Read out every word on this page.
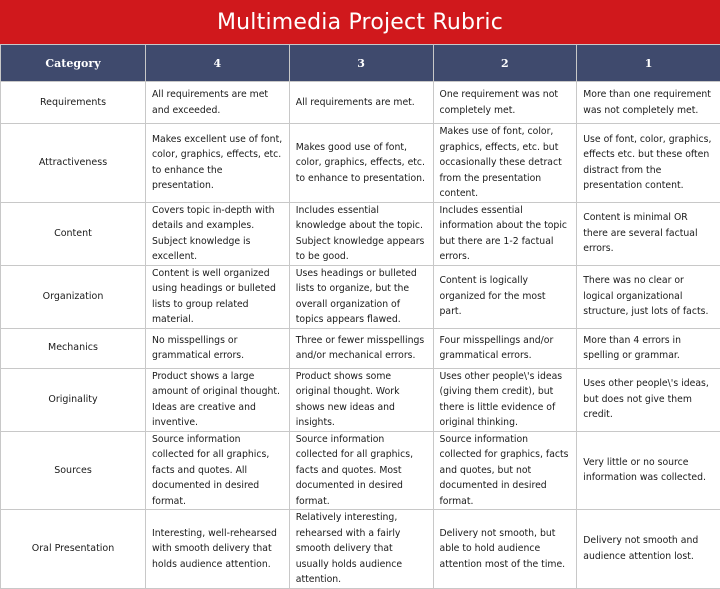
Multimedia Project Rubric
Category	4	3	2	1
Requirements	All requirements are met and exceeded.	All requirements are met.	One requirement was not completely met.	More than one requirement was not completely met.
Attractiveness	Makes excellent use of font, color, graphics, effects, etc. to enhance the presentation.	Makes good use of font, color, graphics, effects, etc. to enhance to presentation.	Makes use of font, color, graphics, effects, etc. but occasionally these detract from the presentation content.	Use of font, color, graphics, effects etc. but these often distract from the presentation content.
Content	Covers topic in-depth with details and examples. Subject knowledge is excellent.	Includes essential knowledge about the topic. Subject knowledge appears to be good.	Includes essential information about the topic but there are 1-2 factual errors.	Content is minimal OR there are several factual errors.
Organization	Content is well organized using headings or bulleted lists to group related material.	Uses headings or bulleted lists to organize, but the overall organization of topics appears flawed.	Content is logically organized for the most part.	There was no clear or logical organizational structure, just lots of facts.
Mechanics	No misspellings or grammatical errors.	Three or fewer misspellings and/or mechanical errors.	Four misspellings and/or grammatical errors.	More than 4 errors in spelling or grammar.
Originality	Product shows a large amount of original thought. Ideas are creative and inventive.	Product shows some original thought. Work shows new ideas and insights.	Uses other people\'s ideas (giving them credit), but there is little evidence of original thinking.	Uses other people\'s ideas, but does not give them credit.
Sources	Source information collected for all graphics, facts and quotes. All documented in desired format.	Source information collected for all graphics, facts and quotes. Most documented in desired format.	Source information collected for graphics, facts and quotes, but not documented in desired format.	Very little or no source information was collected.
Oral Presentation	Interesting, well-rehearsed with smooth delivery that holds audience attention.	Relatively interesting, rehearsed with a fairly smooth delivery that usually holds audience attention.	Delivery not smooth, but able to hold audience attention most of the time.	Delivery not smooth and audience attention lost.
